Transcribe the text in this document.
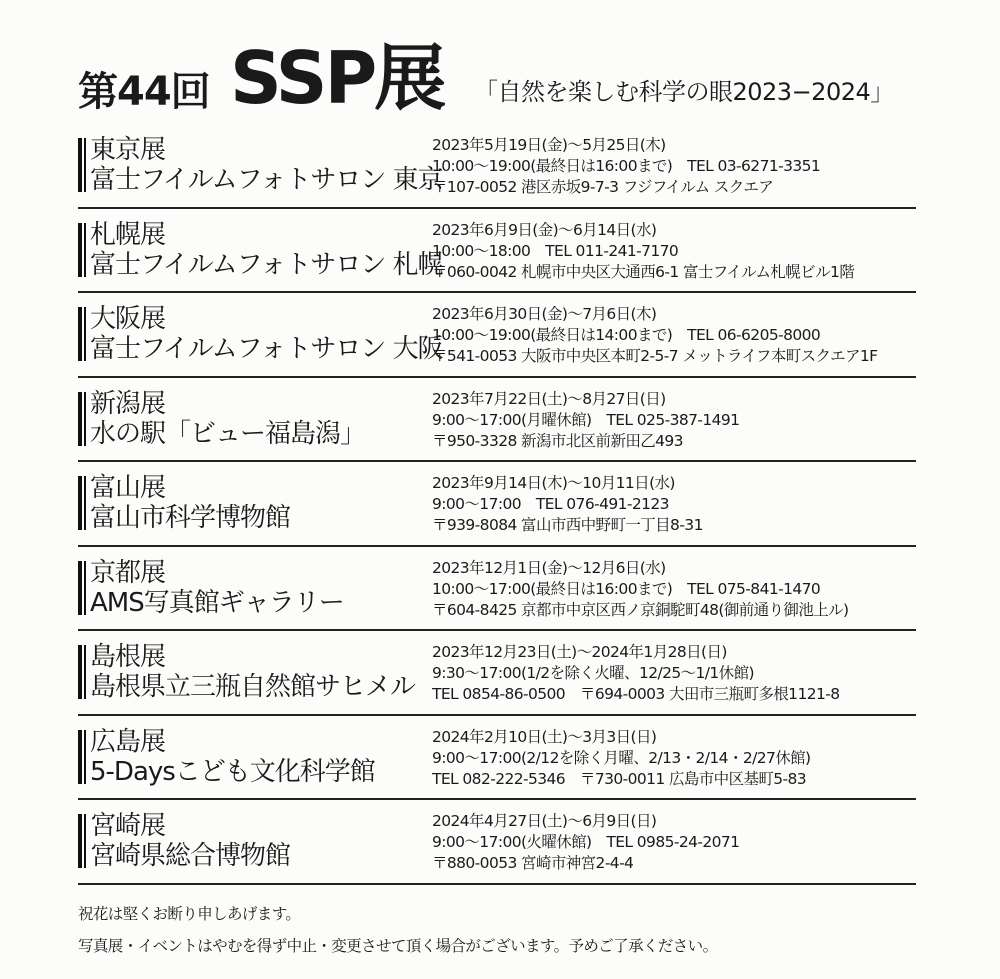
第44回 SSP展 「自然を楽しむ科学の眼2023−2024」
東京展
富士フイルムフォトサロン 東京
2023年5月19日(金)〜5月25日(木)
10:00〜19:00(最終日は16:00まで)　TEL 03-6271-3351
〒107-0052 港区赤坂9-7-3 フジフイルム スクエア
札幌展
富士フイルムフォトサロン 札幌
2023年6月9日(金)〜6月14日(水)
10:00〜18:00　TEL 011-241-7170
〒060-0042 札幌市中央区大通西6-1 富士フイルム札幌ビル1階
大阪展
富士フイルムフォトサロン 大阪
2023年6月30日(金)〜7月6日(木)
10:00〜19:00(最終日は14:00まで)　TEL 06-6205-8000
〒541-0053 大阪市中央区本町2-5-7 メットライフ本町スクエア1F
新潟展
水の駅「ビュー福島潟」
2023年7月22日(土)〜8月27日(日)
9:00〜17:00(月曜休館)　TEL 025-387-1491
〒950-3328 新潟市北区前新田乙493
富山展
富山市科学博物館
2023年9月14日(木)〜10月11日(水)
9:00〜17:00　TEL 076-491-2123
〒939-8084 富山市西中野町一丁目8-31
京都展
AMS写真館ギャラリー
2023年12月1日(金)〜12月6日(水)
10:00〜17:00(最終日は16:00まで)　TEL 075-841-1470
〒604-8425 京都市中京区西ノ京銅駝町48(御前通り御池上ル)
島根展
島根県立三瓶自然館サヒメル
2023年12月23日(土)〜2024年1月28日(日)
9:30〜17:00(1/2を除く火曜、12/25〜1/1休館)
TEL 0854-86-0500　〒694-0003 大田市三瓶町多根1121-8
広島展
5-Daysこども文化科学館
2024年2月10日(土)〜3月3日(日)
9:00〜17:00(2/12を除く月曜、2/13・2/14・2/27休館)
TEL 082-222-5346　〒730-0011 広島市中区基町5-83
宮崎展
宮崎県総合博物館
2024年4月27日(土)〜6月9日(日)
9:00〜17:00(火曜休館)　TEL 0985-24-2071
〒880-0053 宮崎市神宮2-4-4
祝花は堅くお断り申しあげます。
写真展・イベントはやむを得ず中止・変更させて頂く場合がございます。予めご了承ください。
